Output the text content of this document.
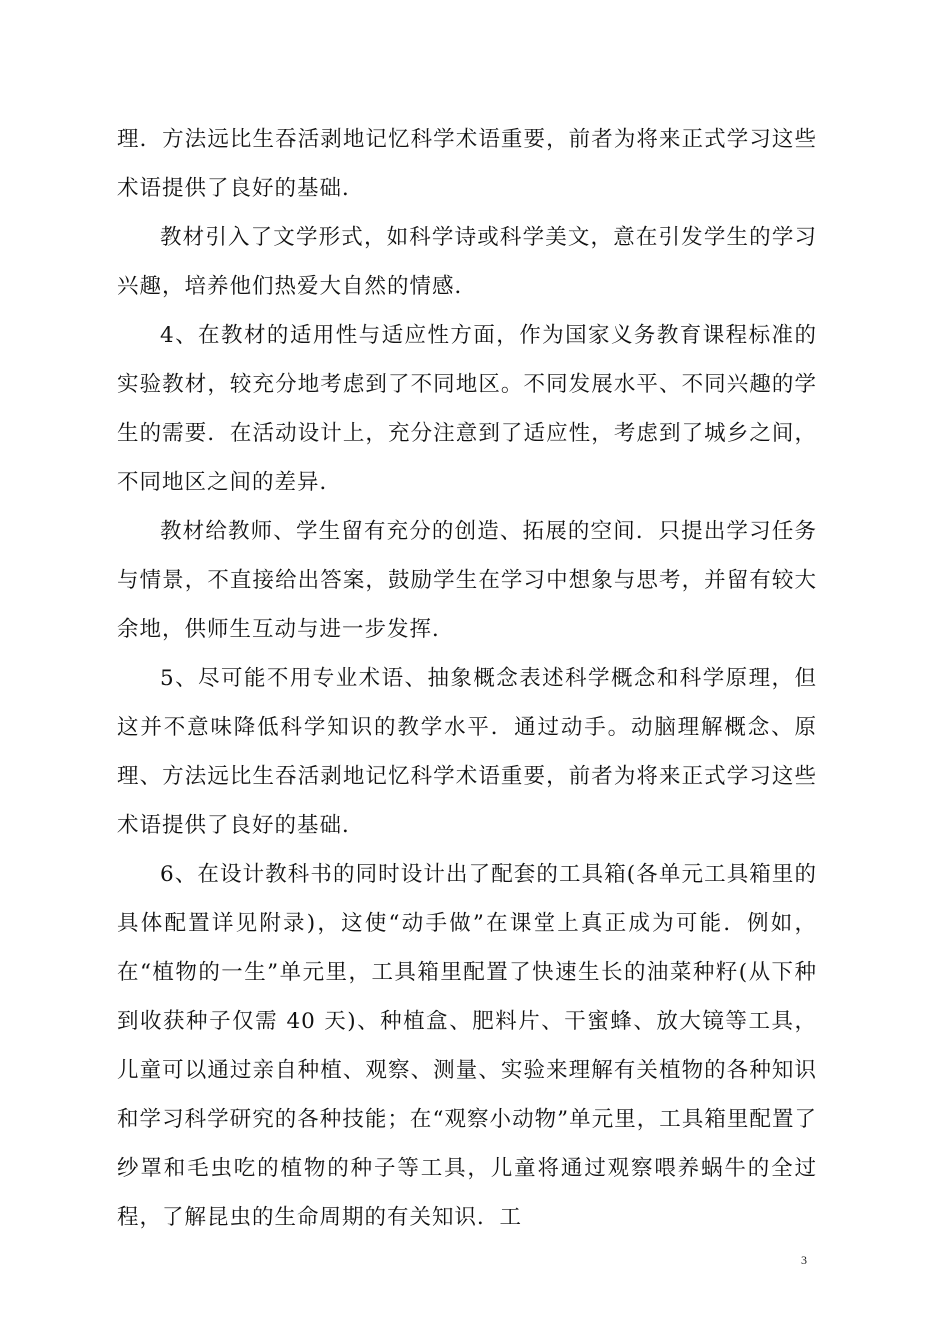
理．方法远比生吞活剥地记忆科学术语重要，前者为将来正式学习这些术语提供了良好的基础．

教材引入了文学形式，如科学诗或科学美文，意在引发学生的学习兴趣，培养他们热爱大自然的情感．

4、在教材的适用性与适应性方面，作为国家义务教育课程标准的实验教材，较充分地考虑到了不同地区。不同发展水平、不同兴趣的学生的需要．在活动设计上，充分注意到了适应性，考虑到了城乡之间，不同地区之间的差异．

教材给教师、学生留有充分的创造、拓展的空间．只提出学习任务与情景，不直接给出答案，鼓励学生在学习中想象与思考，并留有较大余地，供师生互动与进一步发挥．

5、尽可能不用专业术语、抽象概念表述科学概念和科学原理，但这并不意味降低科学知识的教学水平．通过动手。动脑理解概念、原理、方法远比生吞活剥地记忆科学术语重要，前者为将来正式学习这些术语提供了良好的基础．

6、在设计教科书的同时设计出了配套的工具箱(各单元工具箱里的具体配置详见附录)，这使“动手做”在课堂上真正成为可能．例如，在“植物的一生”单元里，工具箱里配置了快速生长的油菜种籽(从下种到收获种子仅需 40 天)、种植盒、肥料片、干蜜蜂、放大镜等工具，儿童可以通过亲自种植、观察、测量、实验来理解有关植物的各种知识和学习科学研究的各种技能；在“观察小动物”单元里，工具箱里配置了纱罩和毛虫吃的植物的种子等工具，儿童将通过观察喂养蜗牛的全过程，了解昆虫的生命周期的有关知识．工

3
